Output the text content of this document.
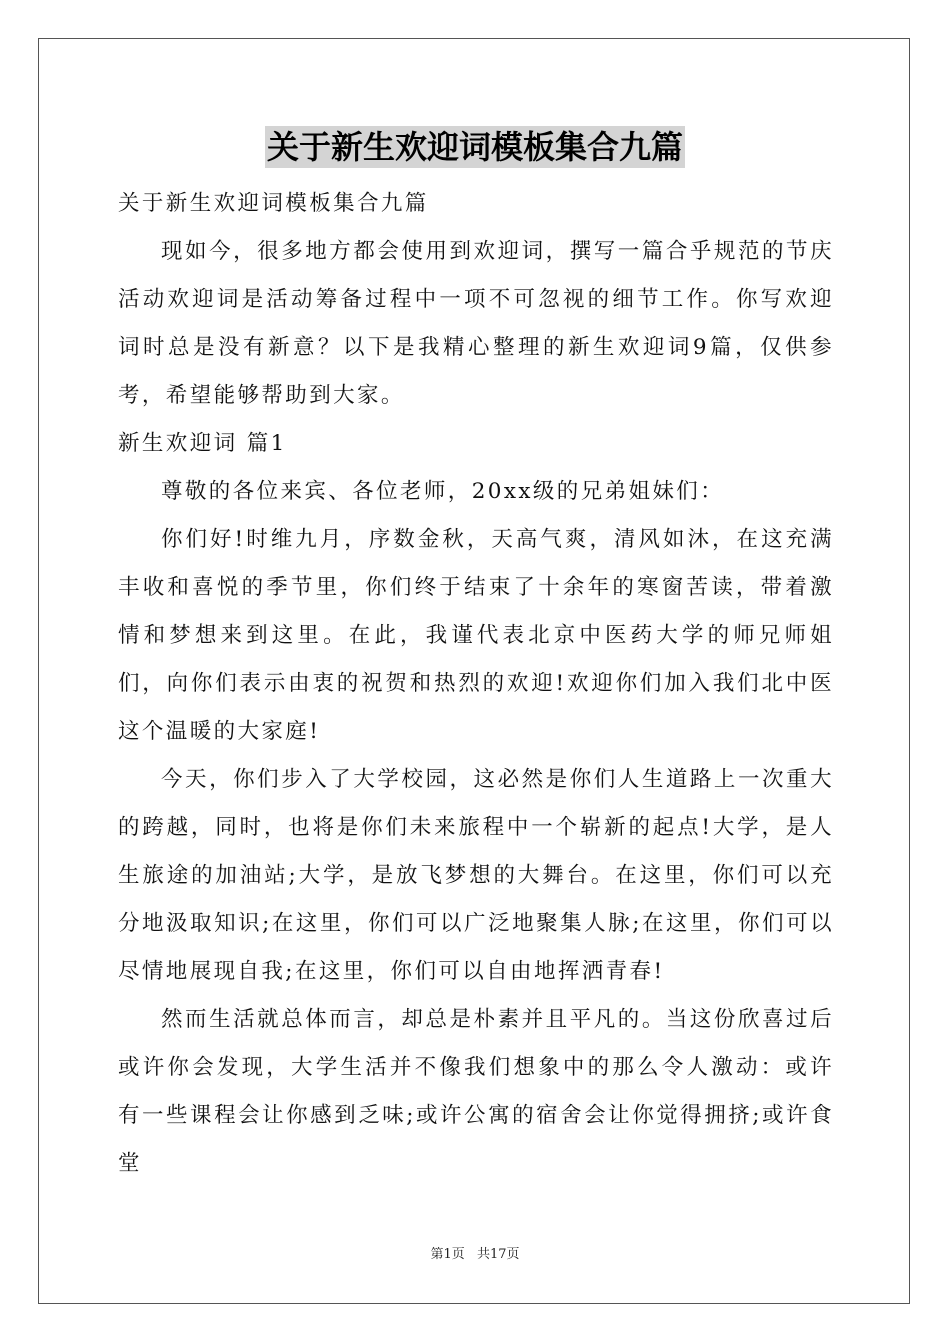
关于新生欢迎词模板集合九篇

关于新生欢迎词模板集合九篇

现如今，很多地方都会使用到欢迎词，撰写一篇合乎规范的节庆活动欢迎词是活动筹备过程中一项不可忽视的细节工作。你写欢迎词时总是没有新意？以下是我精心整理的新生欢迎词9篇，仅供参考，希望能够帮助到大家。

新生欢迎词 篇1

尊敬的各位来宾、各位老师，20xx级的兄弟姐妹们：

你们好!时维九月，序数金秋，天高气爽，清风如沐，在这充满丰收和喜悦的季节里，你们终于结束了十余年的寒窗苦读，带着激情和梦想来到这里。在此，我谨代表北京中医药大学的师兄师姐们，向你们表示由衷的祝贺和热烈的欢迎!欢迎你们加入我们北中医这个温暖的大家庭!

今天，你们步入了大学校园，这必然是你们人生道路上一次重大的跨越，同时，也将是你们未来旅程中一个崭新的起点!大学，是人生旅途的加油站;大学，是放飞梦想的大舞台。在这里，你们可以充分地汲取知识;在这里，你们可以广泛地聚集人脉;在这里，你们可以尽情地展现自我;在这里，你们可以自由地挥洒青春!

然而生活就总体而言，却总是朴素并且平凡的。当这份欣喜过后或许你会发现，大学生活并不像我们想象中的那么令人激动：或许有一些课程会让你感到乏味;或许公寓的宿舍会让你觉得拥挤;或许食堂

第1页 共17页
